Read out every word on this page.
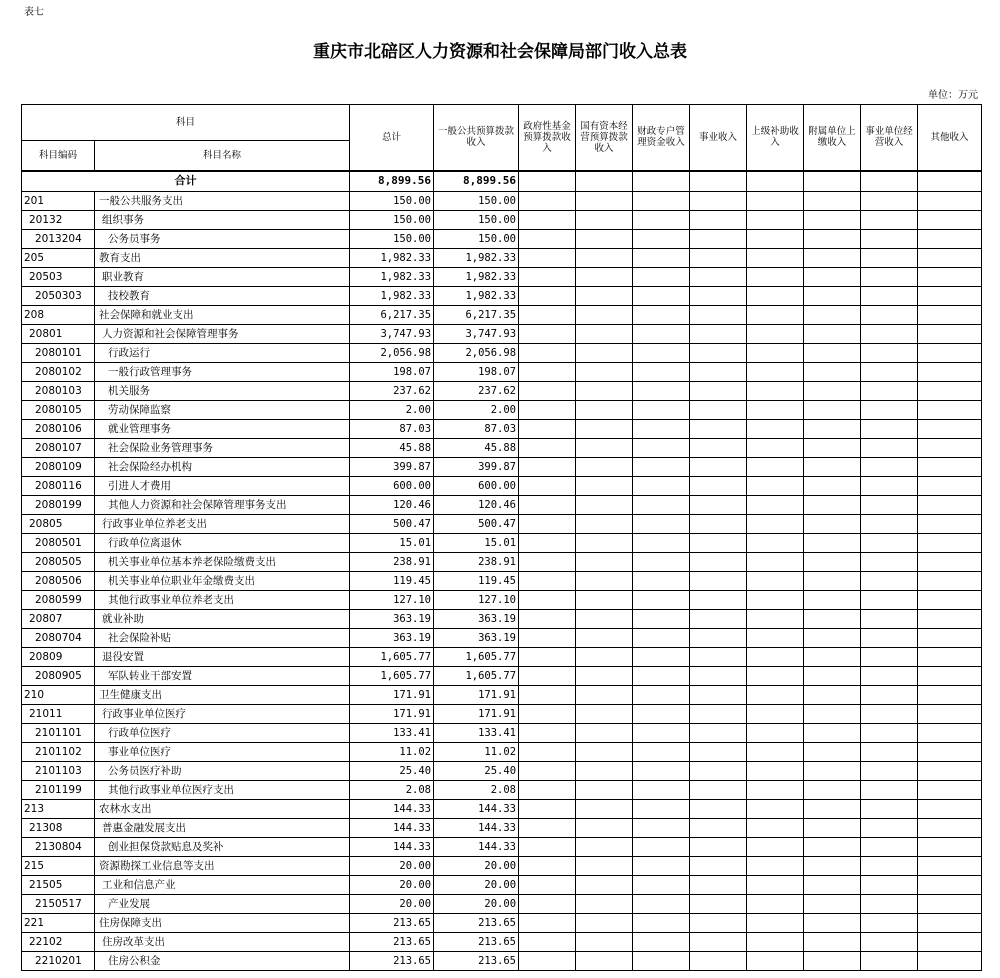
表七
重庆市北碚区人力资源和社会保障局部门收入总表
单位：万元
科目		总计	一般公共预算拨款收入	政府性基金预算拨款收入	国有资本经营预算拨款收入	财政专户管理资金收入	事业收入	上级补助收入	附属单位上缴收入	事业单位经营收入	其他收入
科目编码	科目名称										
合计		8,899.56	8,899.56								
201	一般公共服务支出	150.00	150.00								
20132	组织事务	150.00	150.00								
2013204	公务员事务	150.00	150.00								
205	教育支出	1,982.33	1,982.33								
20503	职业教育	1,982.33	1,982.33								
2050303	技校教育	1,982.33	1,982.33								
208	社会保障和就业支出	6,217.35	6,217.35								
20801	人力资源和社会保障管理事务	3,747.93	3,747.93								
2080101	行政运行	2,056.98	2,056.98								
2080102	一般行政管理事务	198.07	198.07								
2080103	机关服务	237.62	237.62								
2080105	劳动保障监察	2.00	2.00								
2080106	就业管理事务	87.03	87.03								
2080107	社会保险业务管理事务	45.88	45.88								
2080109	社会保险经办机构	399.87	399.87								
2080116	引进人才费用	600.00	600.00								
2080199	其他人力资源和社会保障管理事务支出	120.46	120.46								
20805	行政事业单位养老支出	500.47	500.47								
2080501	行政单位离退休	15.01	15.01								
2080505	机关事业单位基本养老保险缴费支出	238.91	238.91								
2080506	机关事业单位职业年金缴费支出	119.45	119.45								
2080599	其他行政事业单位养老支出	127.10	127.10								
20807	就业补助	363.19	363.19								
2080704	社会保险补贴	363.19	363.19								
20809	退役安置	1,605.77	1,605.77								
2080905	军队转业干部安置	1,605.77	1,605.77								
210	卫生健康支出	171.91	171.91								
21011	行政事业单位医疗	171.91	171.91								
2101101	行政单位医疗	133.41	133.41								
2101102	事业单位医疗	11.02	11.02								
2101103	公务员医疗补助	25.40	25.40								
2101199	其他行政事业单位医疗支出	2.08	2.08								
213	农林水支出	144.33	144.33								
21308	普惠金融发展支出	144.33	144.33								
2130804	创业担保贷款贴息及奖补	144.33	144.33								
215	资源勘探工业信息等支出	20.00	20.00								
21505	工业和信息产业	20.00	20.00								
2150517	产业发展	20.00	20.00								
221	住房保障支出	213.65	213.65								
22102	住房改革支出	213.65	213.65								
2210201	住房公积金	213.65	213.65								
